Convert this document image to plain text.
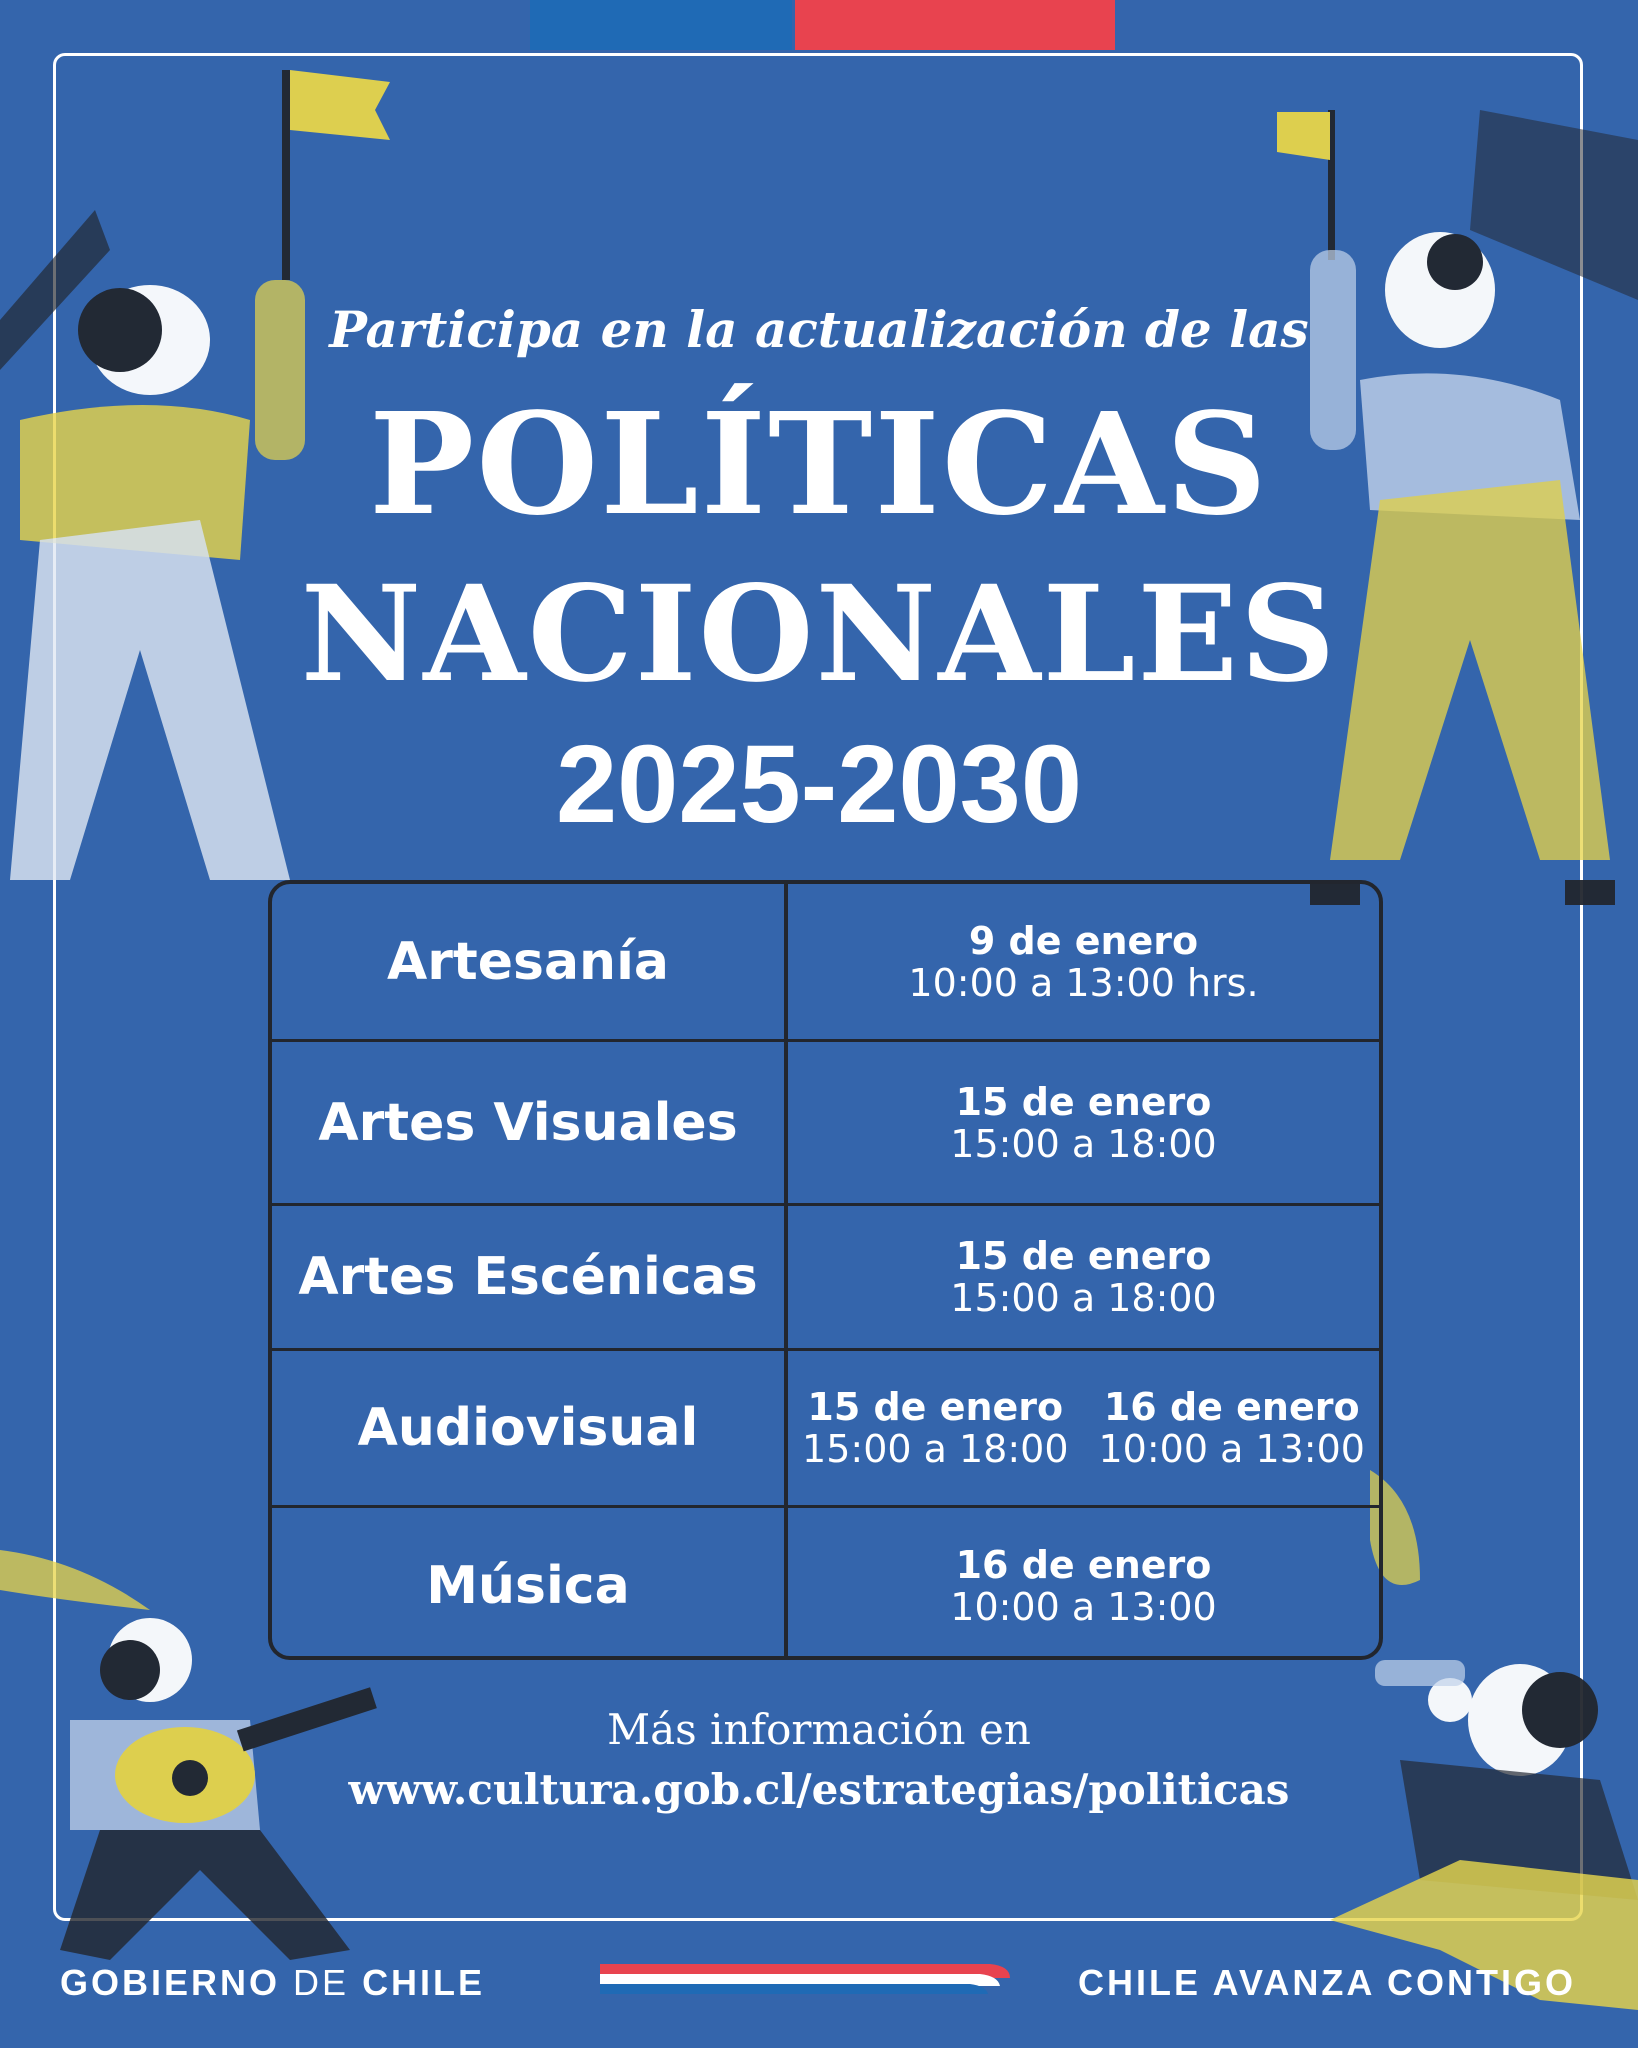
Participa en la actualización de las
POLÍTICAS
NACIONALES
2025-2030
Artesanía	9 de enero
10:00 a 13:00 hrs.
Artes Visuales	15 de enero
15:00 a 18:00
Artes Escénicas	15 de enero
15:00 a 18:00
Audiovisual	15 de enero
15:00 a 18:00
16 de enero
10:00 a 13:00
Música	16 de enero
10:00 a 13:00
Más información en
www.cultura.gob.cl/estrategias/politicas
GOBIERNO DE CHILE	CHILE AVANZA CONTIGO
